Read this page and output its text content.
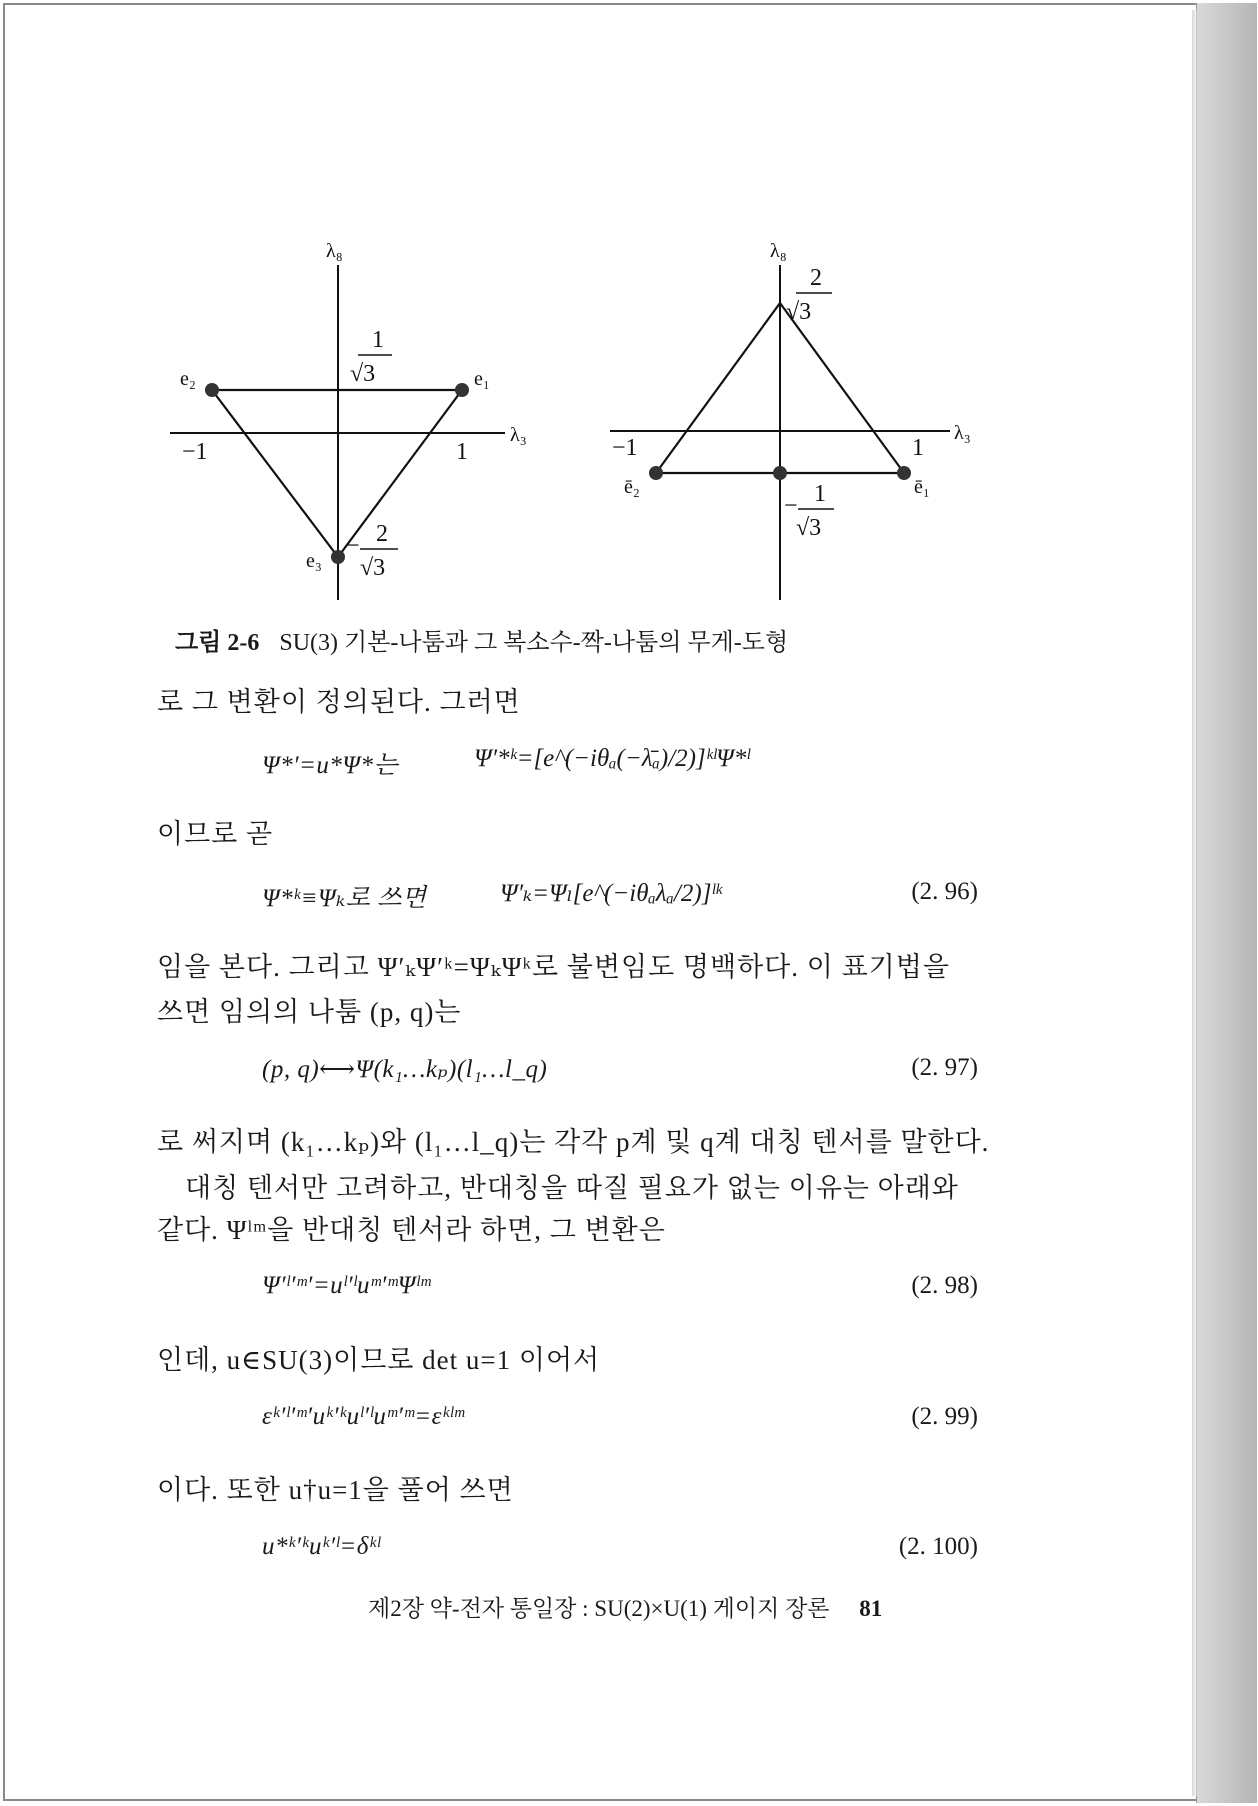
λ₈
λ₃
1
√3
− 2
√3
−1	1
e₂	e₁
e₃
λ₈
λ₃
2
√3
− 1
√3
−1	1
ē₂	ē₁
그림 2-6 SU(3) 기본-나툼과 그 복소수-짝-나툼의 무게-도형
로 그 변환이 정의된다. 그러면
Ψ*′=u*Ψ*는	Ψ′*ᵏ=[e^(−iθₐ(−λ̄ₐ)/2)]ᵏˡΨ*ˡ
이므로 곧
Ψ*ᵏ≡Ψₖ로 쓰면	Ψ′ₖ=Ψₗ[e^(−iθₐλₐ/2)]ˡᵏ	(2. 96)
임을 본다. 그리고 Ψ′ₖΨ′ᵏ=ΨₖΨᵏ로 불변임도 명백하다. 이 표기법을
쓰면 임의의 나툼 (p, q)는
(p, q)⟷Ψ(k₁…kₚ)(l₁…l_q)	(2. 97)
로 써지며 (k₁…kₚ)와 (l₁…l_q)는 각각 p계 및 q계 대칭 텐서를 말한다.
대칭 텐서만 고려하고, 반대칭을 따질 필요가 없는 이유는 아래와
같다. Ψˡᵐ을 반대칭 텐서라 하면, 그 변환은
Ψ′ˡ′ᵐ′=uˡ′ˡuᵐ′ᵐΨˡᵐ	(2. 98)
인데, u∈SU(3)이므로 det u=1 이어서
εᵏ′ˡ′ᵐ′uᵏ′ᵏuˡ′ˡuᵐ′ᵐ=εᵏˡᵐ	(2. 99)
이다. 또한 u†u=1을 풀어 쓰면
u*ᵏ′ᵏuᵏ′ˡ=δᵏˡ	(2. 100)
제2장 약-전자 통일장 : SU(2)×U(1) 게이지 장론 81
